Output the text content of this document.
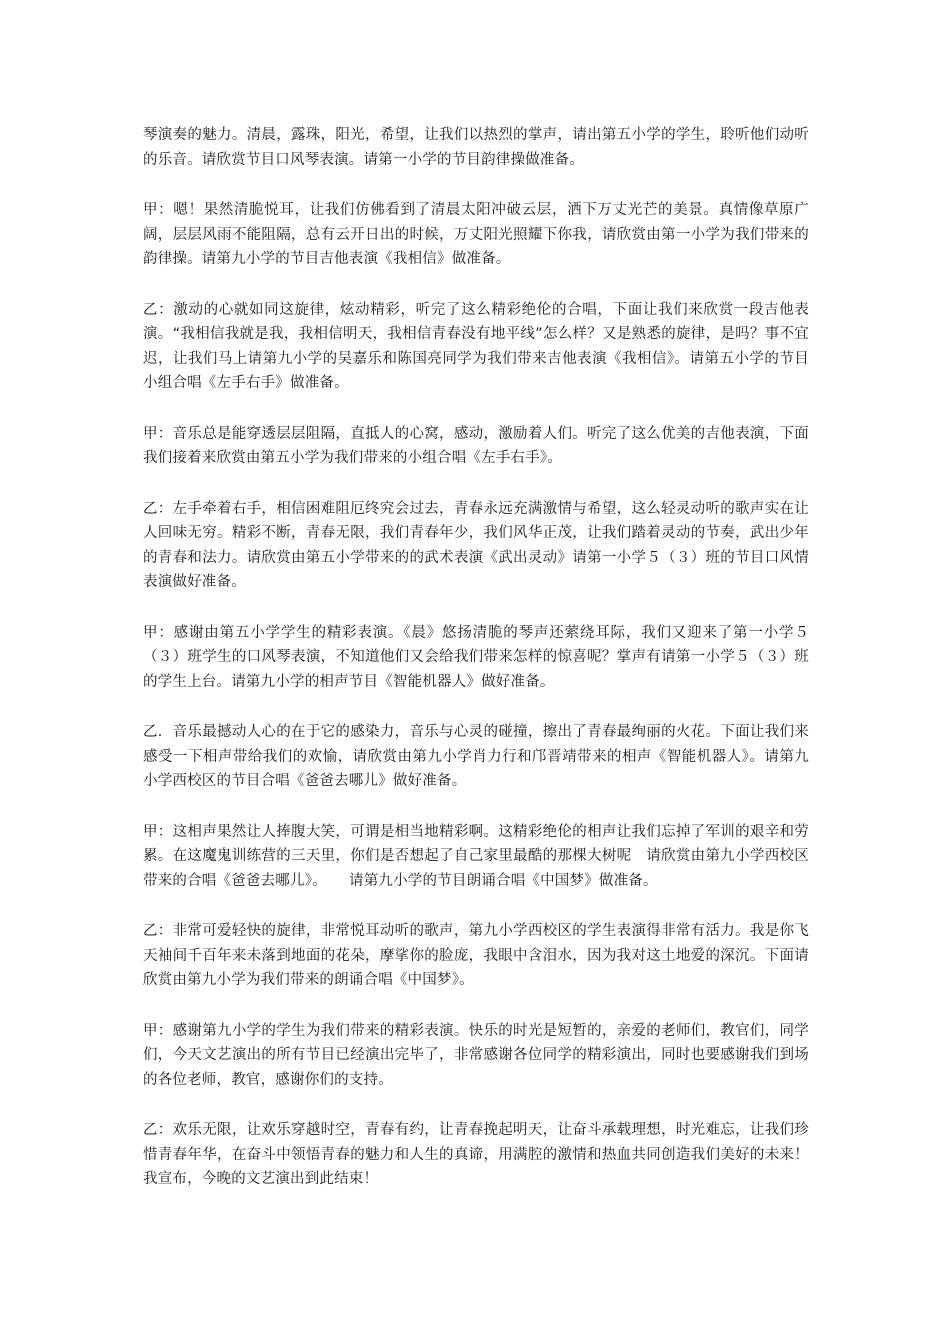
琴演奏的魅力。清晨，露珠，阳光，希望，让我们以热烈的掌声，请出第五小学的学生，聆听他们动听的乐音。请欣赏节目口风琴表演。请第一小学的节目韵律操做准备。

甲：嗯！果然清脆悦耳，让我们仿佛看到了清晨太阳冲破云层，洒下万丈光芒的美景。真情像草原广阔，层层风雨不能阻隔，总有云开日出的时候，万丈阳光照耀下你我，请欣赏由第一小学为我们带来的韵律操。请第九小学的节目吉他表演《我相信》做准备。

乙：激动的心就如同这旋律，炫动精彩，听完了这么精彩绝伦的合唱，下面让我们来欣赏一段吉他表演。“我相信我就是我，我相信明天，我相信青春没有地平线”怎么样？又是熟悉的旋律，是吗？事不宜迟，让我们马上请第九小学的吴嘉乐和陈国亮同学为我们带来吉他表演《我相信》。请第五小学的节目小组合唱《左手右手》做准备。

甲：音乐总是能穿透层层阻隔，直抵人的心窝，感动，激励着人们。听完了这么优美的吉他表演，下面我们接着来欣赏由第五小学为我们带来的小组合唱《左手右手》。

乙：左手牵着右手，相信困难阻厄终究会过去，青春永远充满激情与希望，这么轻灵动听的歌声实在让人回味无穷。精彩不断，青春无限，我们青春年少，我们风华正茂，让我们踏着灵动的节奏，武出少年的青春和法力。请欣赏由第五小学带来的的武术表演《武出灵动》请第一小学５（３）班的节目口风情表演做好准备。

甲：感谢由第五小学学生的精彩表演。《晨》悠扬清脆的琴声还萦绕耳际，我们又迎来了第一小学５（３）班学生的口风琴表演，不知道他们又会给我们带来怎样的惊喜呢？掌声有请第一小学５（３）班的学生上台。请第九小学的相声节目《智能机器人》做好准备。

乙．音乐最撼动人心的在于它的感染力，音乐与心灵的碰撞，擦出了青春最绚丽的火花。下面让我们来感受一下相声带给我们的欢愉，请欣赏由第九小学肖力行和邝晋靖带来的相声《智能机器人》。请第九小学西校区的节目合唱《爸爸去哪儿》做好准备。

甲：这相声果然让人捧腹大笑，可谓是相当地精彩啊。这精彩绝伦的相声让我们忘掉了军训的艰辛和劳累。在这魔鬼训练营的三天里，你们是否想起了自己家里最酷的那棵大树呢　请欣赏由第九小学西校区带来的合唱《爸爸去哪儿》。　　请第九小学的节目朗诵合唱《中国梦》做准备。

乙：非常可爱轻快的旋律，非常悦耳动听的歌声，第九小学西校区的学生表演得非常有活力。我是你飞天袖间千百年来未落到地面的花朵，摩挲你的脸庞，我眼中含泪水，因为我对这土地爱的深沉。下面请欣赏由第九小学为我们带来的朗诵合唱《中国梦》。

甲：感谢第九小学的学生为我们带来的精彩表演。快乐的时光是短暂的，亲爱的老师们，教官们，同学们，今天文艺演出的所有节目已经演出完毕了，非常感谢各位同学的精彩演出，同时也要感谢我们到场的各位老师，教官，感谢你们的支持。

乙：欢乐无限，让欢乐穿越时空，青春有约，让青春挽起明天，让奋斗承载理想，时光难忘，让我们珍惜青春年华，在奋斗中领悟青春的魅力和人生的真谛，用满腔的激情和热血共同创造我们美好的未来！我宣布，今晚的文艺演出到此结束！
